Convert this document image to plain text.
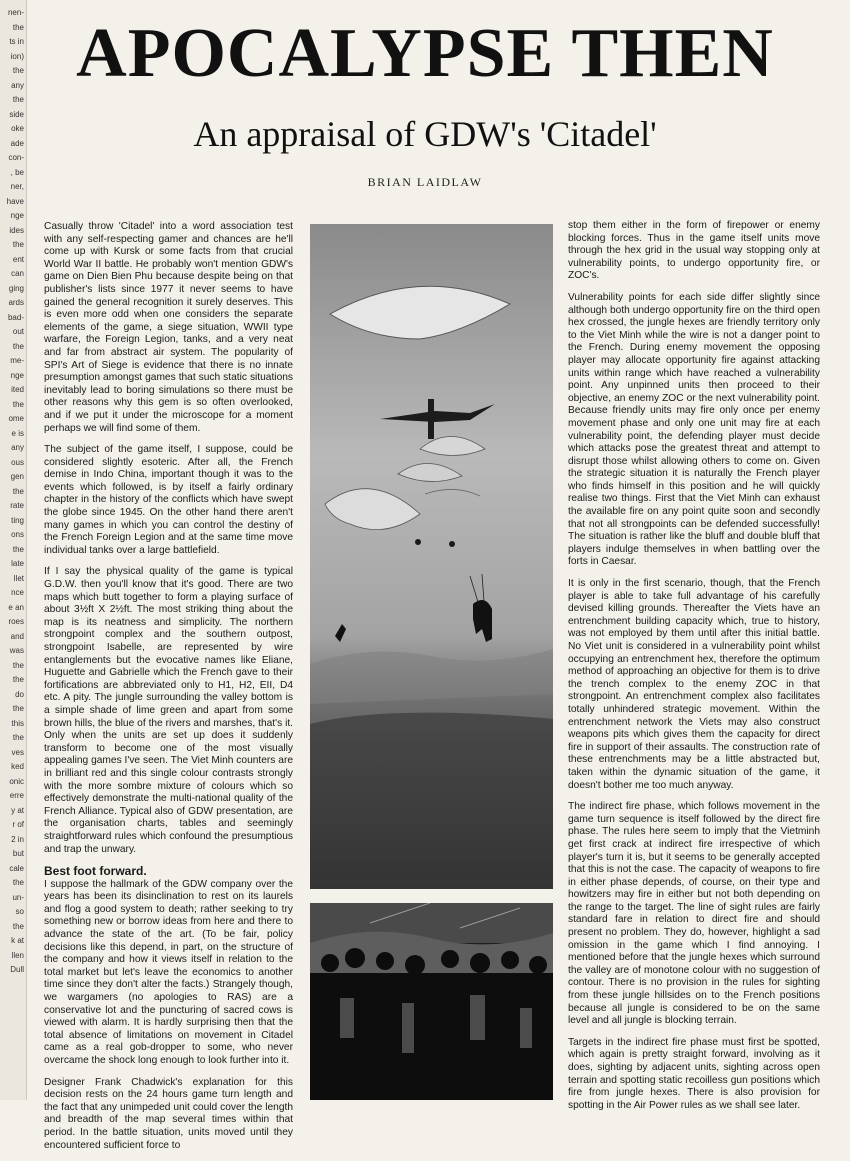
nen-
the
ts in
ion)
the
any
the
side
oke
ade
con-
, be
ner,
have
nge
ides
the
ent
can
ging
ards
bad-
out
the
me-
nge
ited
the
ome
e is
any
ous
gen
the
rate
ting
ons
the
late
llet
nce
e an
roes
and
was
the
the
do
the
this
the
ves
ked
onic
erre
y at
r of
2 in
but
cale
the
un-
so
the
k at
llen
Dull
APOCALYPSE THEN
An appraisal of GDW's 'Citadel'
BRIAN LAIDLAW

Casually throw 'Citadel' into a word association test with any self-respecting gamer and chances are he'll come up with Kursk or some facts from that crucial World War II battle. He probably won't mention GDW's game on Dien Bien Phu because despite being on that publisher's lists since 1977 it never seems to have gained the general recognition it surely deserves. This is even more odd when one considers the separate elements of the game, a siege situation, WWII type warfare, the Foreign Legion, tanks, and a very neat and far from abstract air system. The popularity of SPI's Art of Siege is evidence that there is no innate presumption amongst games that such static situations inevitably lead to boring simulations so there must be other reasons why this gem is so often overlooked, and if we put it under the microscope for a moment perhaps we will find some of them.

The subject of the game itself, I suppose, could be considered slightly esoteric. After all, the French demise in Indo China, important though it was to the events which followed, is by itself a fairly ordinary chapter in the history of the conflicts which have swept the globe since 1945. On the other hand there aren't many games in which you can control the destiny of the French Foreign Legion and at the same time move individual tanks over a large battlefield.

If I say the physical quality of the game is typical G.D.W. then you'll know that it's good. There are two maps which butt together to form a playing surface of about 3½ft X 2½ft. The most striking thing about the map is its neatness and simplicity. The northern strongpoint complex and the southern outpost, strongpoint Isabelle, are represented by wire entanglements but the evocative names like Eliane, Huguette and Gabrielle which the French gave to their fortifications are abbreviated only to H1, H2, EII, D4 etc. A pity. The jungle surrounding the valley bottom is a simple shade of lime green and apart from some brown hills, the blue of the rivers and marshes, that's it. Only when the units are set up does it suddenly transform to become one of the most visually appealing games I've seen. The Viet Minh counters are in brilliant red and this single colour contrasts strongly with the more sombre mixture of colours which so effectively demonstrate the multi-national quality of the French Alliance. Typical also of GDW presentation, are the organisation charts, tables and seemingly straightforward rules which confound the presumptious and trap the unwary.

Best foot forward.

I suppose the hallmark of the GDW company over the years has been its disinclination to rest on its laurels and flog a good system to death; rather seeking to try something new or borrow ideas from here and there to advance the state of the art. (To be fair, policy decisions like this depend, in part, on the structure of the company and how it views itself in relation to the total market but let's leave the economics to another time since they don't alter the facts.) Strangely though, we wargamers (no apologies to RAS) are a conservative lot and the puncturing of sacred cows is viewed with alarm. It is hardly surprising then that the total absence of limitations on movement in Citadel came as a real gob-dropper to some, who never overcame the shock long enough to look further into it.

Designer Frank Chadwick's explanation for this decision rests on the 24 hours game turn length and the fact that any unimpeded unit could cover the length and breadth of the map several times within that period. In the battle situation, units moved until they encountered sufficient force to

stop them either in the form of firepower or enemy blocking forces. Thus in the game itself units move through the hex grid in the usual way stopping only at vulnerability points, to undergo opportunity fire, or ZOC's.

Vulnerability points for each side differ slightly since although both undergo opportunity fire on the third open hex crossed, the jungle hexes are friendly territory only to the Viet Minh while the wire is not a danger point to the French. During enemy movement the opposing player may allocate opportunity fire against attacking units within range which have reached a vulnerability point. Any unpinned units then proceed to their objective, an enemy ZOC or the next vulnerability point. Because friendly units may fire only once per enemy movement phase and only one unit may fire at each vulnerability point, the defending player must decide which attacks pose the greatest threat and attempt to disrupt those whilst allowing others to come on. Given the strategic situation it is naturally the French player who finds himself in this position and he will quickly realise two things. First that the Viet Minh can exhaust the available fire on any point quite soon and secondly that not all strongpoints can be defended successfully! The situation is rather like the bluff and double bluff that players indulge themselves in when battling over the forts in Caesar.

It is only in the first scenario, though, that the French player is able to take full advantage of his carefully devised killing grounds. Thereafter the Viets have an entrenchment building capacity which, true to history, was not employed by them until after this initial battle. No Viet unit is considered in a vulnerability point whilst occupying an entrenchment hex, therefore the optimum method of approaching an objective for them is to drive the trench complex to the enemy ZOC in that strongpoint. An entrenchment complex also facilitates totally unhindered strategic movement. Within the entrenchment network the Viets may also construct weapons pits which gives them the capacity for direct fire in support of their assaults. The construction rate of these entrenchments may be a little abstracted but, taken within the dynamic situation of the game, it doesn't bother me too much anyway.

The indirect fire phase, which follows movement in the game turn sequence is itself followed by the direct fire phase. The rules here seem to imply that the Vietminh get first crack at indirect fire irrespective of which player's turn it is, but it seems to be generally accepted that this is not the case. The capacity of weapons to fire in either phase depends, of course, on their type and howitzers may fire in either but not both depending on the range to the target. The line of sight rules are fairly standard fare in relation to direct fire and should present no problem. They do, however, highlight a sad omission in the game which I find annoying. I mentioned before that the jungle hexes which surround the valley are of monotone colour with no suggestion of contour. There is no provision in the rules for sighting from these jungle hillsides on to the French positions because all jungle is considered to be on the same level and all jungle is blocking terrain.

Targets in the indirect fire phase must first be spotted, which again is pretty straight forward, involving as it does, sighting by adjacent units, sighting across open terrain and spotting static recoilless gun positions which fire from jungle hexes. There is also provision for spotting in the Air Power rules as we shall see later.
